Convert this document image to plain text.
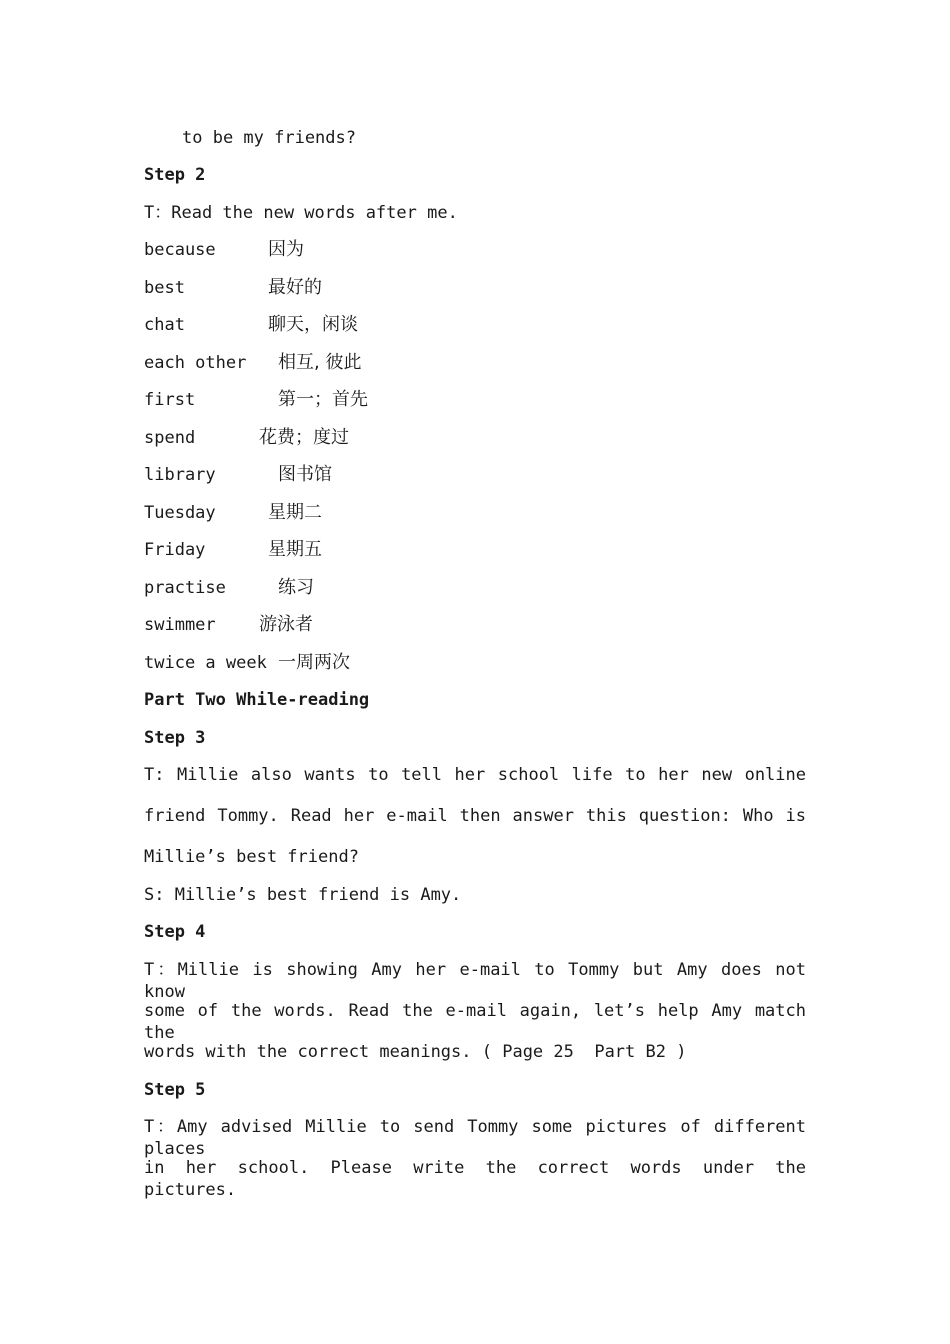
to be my friends?
Step 2
T：Read the new words after me.
because	因为
best	最好的
chat	聊天，闲谈
each other 相互, 彼此
first	第一；首先
spend	花费；度过
library	图书馆
Tuesday	星期二
Friday	星期五
practise	练习
swimmer 游泳者
twice a week 一周两次
Part Two While-reading
Step 3
T: Millie also wants to tell her school life to her new online
friend Tommy. Read her e-mail then answer this question: Who is
Millie’s best friend?
S: Millie’s best friend is Amy.
Step 4
T：Millie is showing Amy her e-mail to Tommy but Amy does not know
some of the words. Read the e-mail again, let’s help Amy match the
words with the correct meanings. ( Page 25  Part B2 )
Step 5
T：Amy advised Millie to send Tommy some pictures of different places
in her school. Please write the correct words under the pictures.
